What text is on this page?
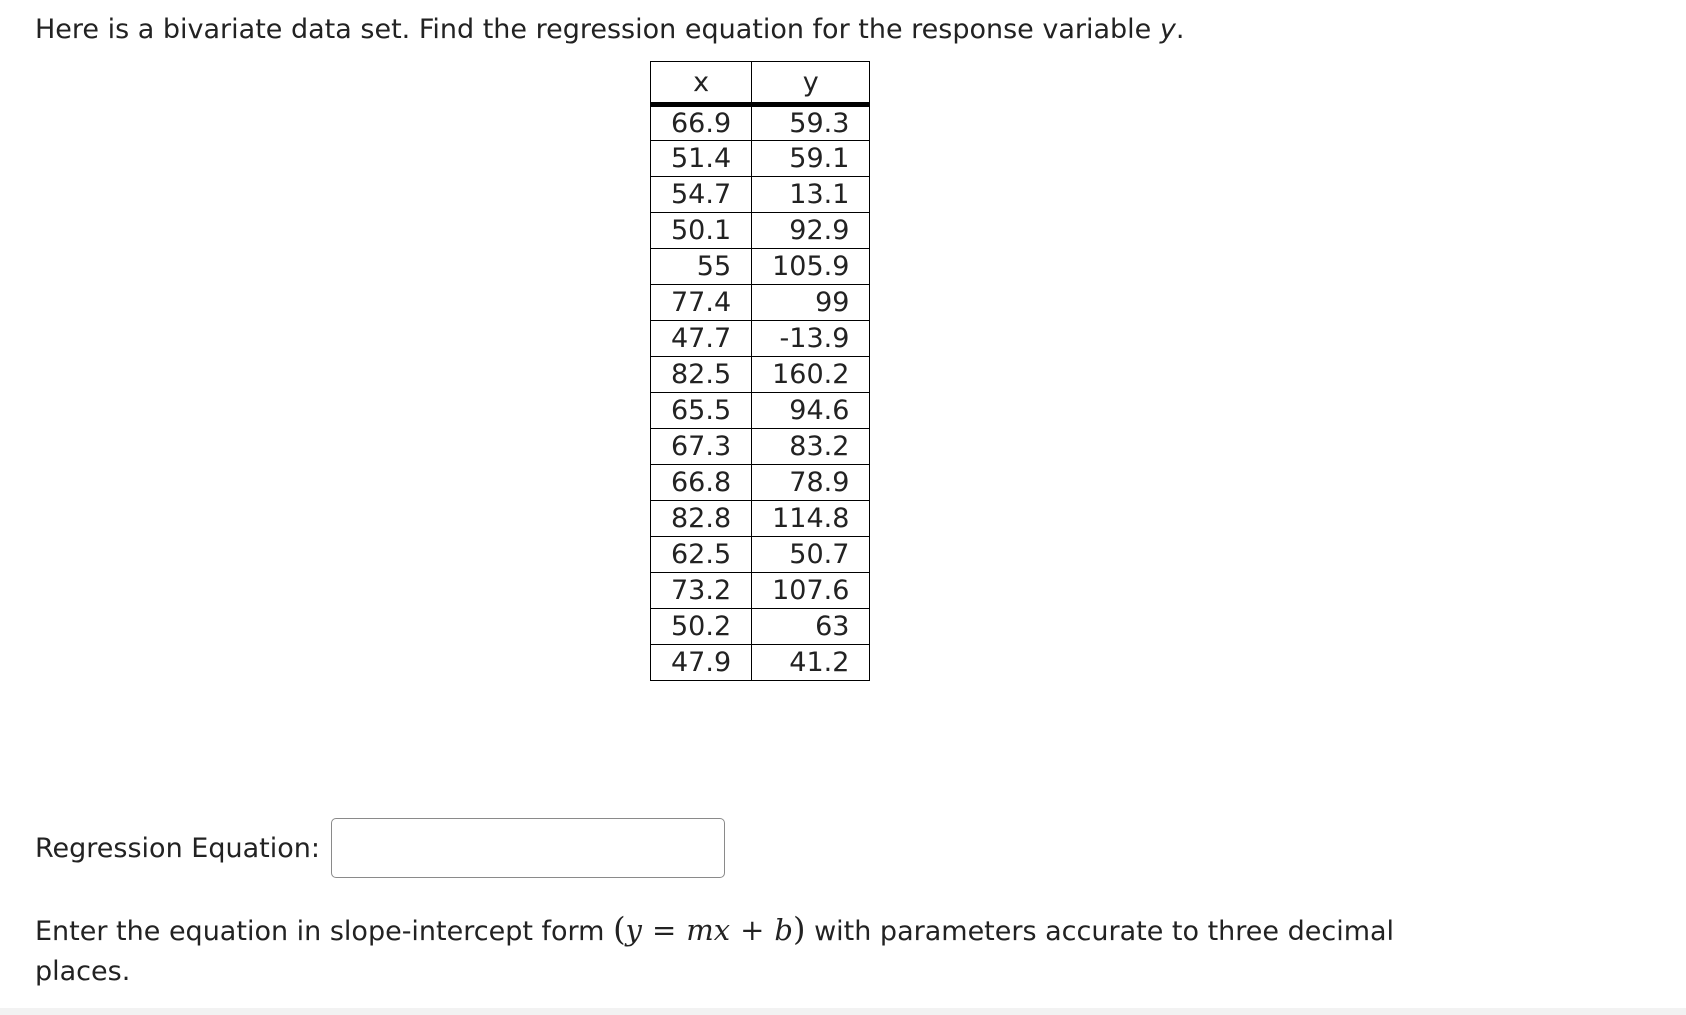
Here is a bivariate data set. Find the regression equation for the response variable y.
x	y
66.9	59.3
51.4	59.1
54.7	13.1
50.1	92.9
55	105.9
77.4	99
47.7	-13.9
82.5	160.2
65.5	94.6
67.3	83.2
66.8	78.9
82.8	114.8
62.5	50.7
73.2	107.6
50.2	63
47.9	41.2
Regression Equation:
Enter the equation in slope-intercept form (y = mx + b) with parameters accurate to three decimal places.
